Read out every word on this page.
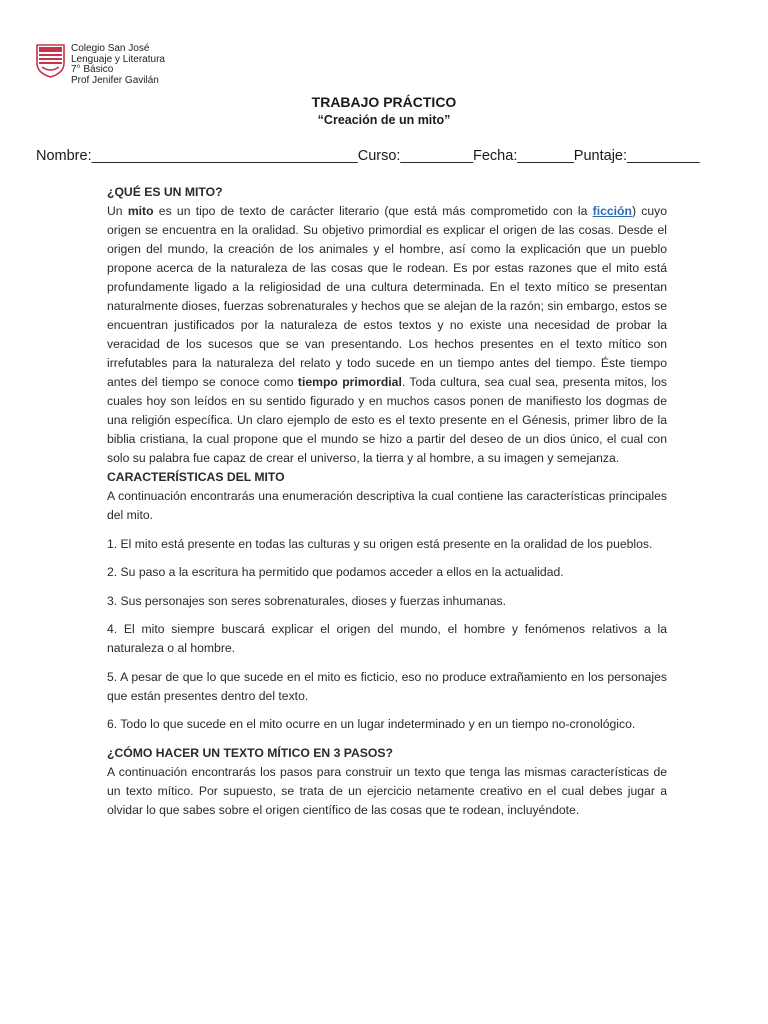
Colegio San José
Lenguaje y Literatura
7° Básico
Prof Jenifer Gavilán
TRABAJO PRÁCTICO
“Creación de un mito”
Nombre:_________________________________Curso:_________Fecha:_______Puntaje:_________

¿QUÉ ES UN MITO?

Un mito es un tipo de texto de carácter literario (que está más comprometido con la ficción) cuyo origen se encuentra en la oralidad. Su objetivo primordial es explicar el origen de las cosas. Desde el origen del mundo, la creación de los animales y el hombre, así como la explicación que un pueblo propone acerca de la naturaleza de las cosas que le rodean. Es por estas razones que el mito está profundamente ligado a la religiosidad de una cultura determinada. En el texto mítico se presentan naturalmente dioses, fuerzas sobrenaturales y hechos que se alejan de la razón; sin embargo, estos se encuentran justificados por la naturaleza de estos textos y no existe una necesidad de probar la veracidad de los sucesos que se van presentando. Los hechos presentes en el texto mítico son irrefutables para la naturaleza del relato y todo sucede en un tiempo antes del tiempo. Éste tiempo antes del tiempo se conoce como tiempo primordial. Toda cultura, sea cual sea, presenta mitos, los cuales hoy son leídos en su sentido figurado y en muchos casos ponen de manifiesto los dogmas de una religión específica. Un claro ejemplo de esto es el texto presente en el Génesis, primer libro de la biblia cristiana, la cual propone que el mundo se hizo a partir del deseo de un dios único, el cual con solo su palabra fue capaz de crear el universo, la tierra y al hombre, a su imagen y semejanza.

CARACTERÍSTICAS DEL MITO

A continuación encontrarás una enumeración descriptiva la cual contiene las características principales del mito.

1. El mito está presente en todas las culturas y su origen está presente en la oralidad de los pueblos.

2. Su paso a la escritura ha permitido que podamos acceder a ellos en la actualidad.

3. Sus personajes son seres sobrenaturales, dioses y fuerzas inhumanas.

4. El mito siempre buscará explicar el origen del mundo, el hombre y fenómenos relativos a la naturaleza o al hombre.

5. A pesar de que lo que sucede en el mito es ficticio, eso no produce extrañamiento en los personajes que están presentes dentro del texto.

6. Todo lo que sucede en el mito ocurre en un lugar indeterminado y en un tiempo no-cronológico.

¿CÓMO HACER UN TEXTO MÍTICO EN 3 PASOS?

A continuación encontrarás los pasos para construir un texto que tenga las mismas características de un texto mítico. Por supuesto, se trata de un ejercicio netamente creativo en el cual debes jugar a olvidar lo que sabes sobre el origen científico de las cosas que te rodean, incluyéndote.
